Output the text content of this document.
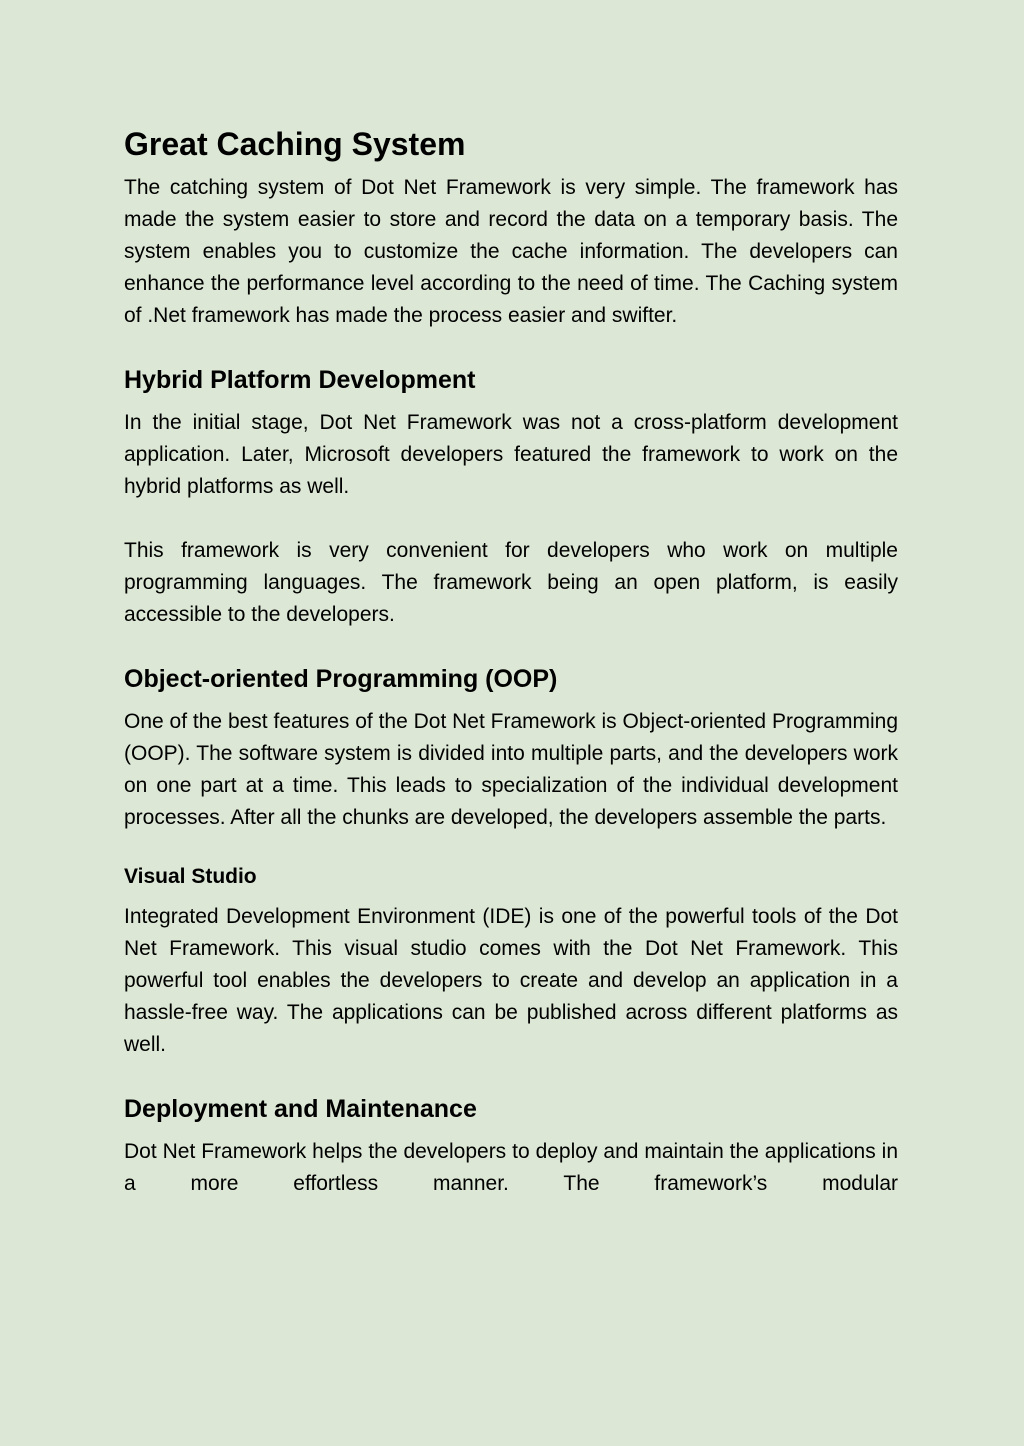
Great Caching System

The catching system of Dot Net Framework is very simple. The framework has made the system easier to store and record the data on a temporary basis. The system enables you to customize the cache information. The developers can enhance the performance level according to the need of time. The Caching system of .Net framework has made the process easier and swifter.

Hybrid Platform Development

In the initial stage, Dot Net Framework was not a cross-platform development application. Later, Microsoft developers featured the framework to work on the hybrid platforms as well.

This framework is very convenient for developers who work on multiple programming languages. The framework being an open platform, is easily accessible to the developers.

Object-oriented Programming (OOP)

One of the best features of the Dot Net Framework is Object-oriented Programming (OOP). The software system is divided into multiple parts, and the developers work on one part at a time. This leads to specialization of the individual development processes. After all the chunks are developed, the developers assemble the parts.

Visual Studio

Integrated Development Environment (IDE) is one of the powerful tools of the Dot Net Framework. This visual studio comes with the Dot Net Framework. This powerful tool enables the developers to create and develop an application in a hassle-free way. The applications can be published across different platforms as well.

Deployment and Maintenance

Dot Net Framework helps the developers to deploy and maintain the applications in a more effortless manner. The framework’s modular
